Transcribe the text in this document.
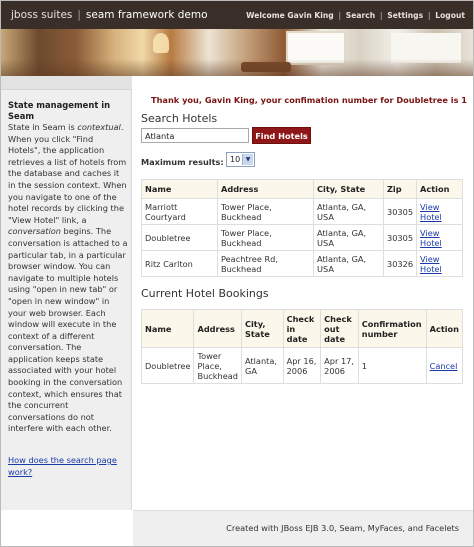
jboss suites | seam framework demo	Welcome Gavin King | Search | Settings | Logout
State management in Seam
State in Seam is contextual. When you click "Find Hotels", the application retrieves a list of hotels from the database and caches it in the session context. When you navigate to one of the hotel records by clicking the "View Hotel" link, a conversation begins. The conversation is attached to a particular tab, in a particular browser window. You can navigate to multiple hotels using "open in new tab" or "open in new window" in your web browser. Each window will execute in the context of a different conversation. The application keeps state associated with your hotel booking in the conversation context, which ensures that the concurrent conversations do not interfere with each other.
How does the search page work?
Thank you, Gavin King, your confimation number for Doubletree is 1
Search Hotels
Atlanta
Find Hotels
Maximum results: 10 ▼
Name	Address	City, State	Zip	Action
Marriott Courtyard	Tower Place, Buckhead	Atlanta, GA, USA	30305	View Hotel
Doubletree	Tower Place, Buckhead	Atlanta, GA, USA	30305	View Hotel
Ritz Carlton	Peachtree Rd, Buckhead	Atlanta, GA, USA	30326	View Hotel
Current Hotel Bookings
Name	Address	City, State	Check in date	Check out date	Confirmation number	Action
Doubletree	Tower Place, Buckhead	Atlanta, GA	Apr 16, 2006	Apr 17, 2006	1	Cancel
Created with JBoss EJB 3.0, Seam, MyFaces, and Facelets
